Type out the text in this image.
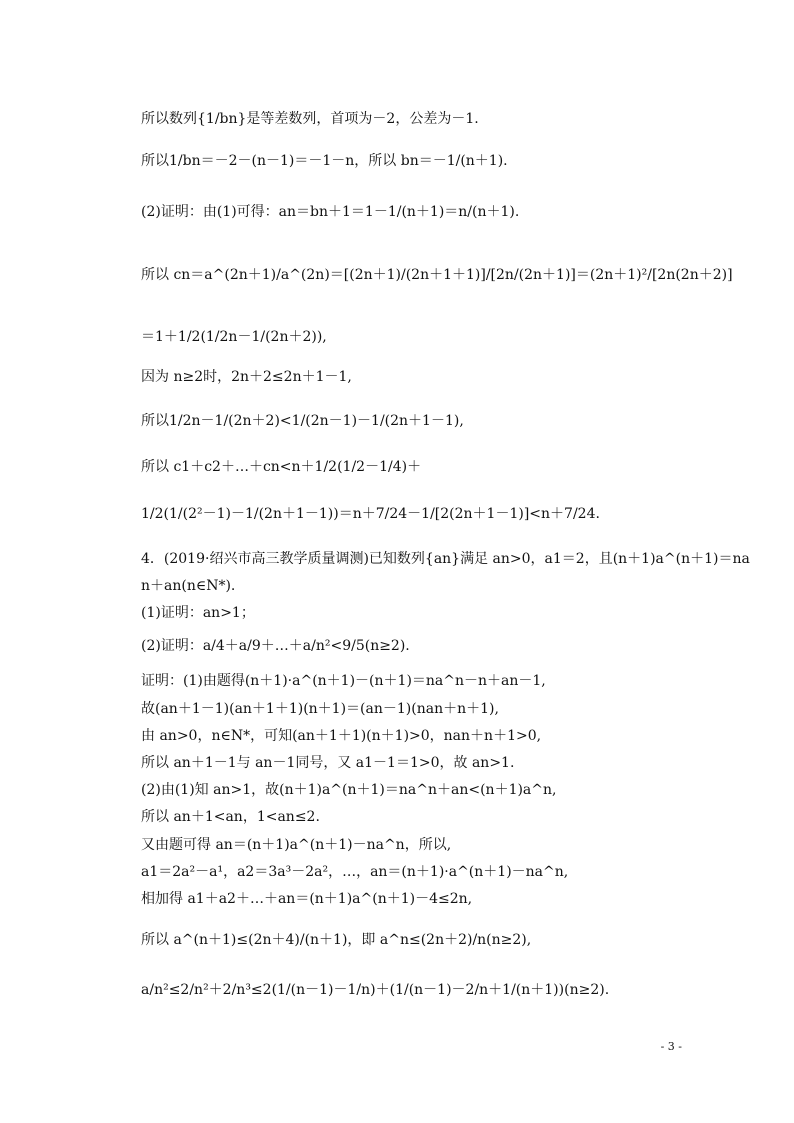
所以数列{1/bn}是等差数列，首项为－2，公差为－1.
所以1/bn＝－2－(n－1)＝－1－n，所以 bn＝－1/(n＋1).
(2)证明：由(1)可得：an＝bn＋1＝1－1/(n＋1)＝n/(n＋1).
所以 cn＝a^(2n＋1)/a^(2n)＝[(2n＋1)/(2n＋1＋1)]/[2n/(2n＋1)]＝(2n＋1)²/[2n(2n＋2)]
＝1＋1/2(1/2n－1/(2n＋2)),
因为 n≥2时，2n＋2≤2n＋1－1,
所以1/2n－1/(2n＋2)<1/(2n－1)－1/(2n＋1－1),
所以 c1＋c2＋…＋cn<n＋1/2(1/2－1/4)＋
1/2(1/(2²－1)－1/(2n＋1－1))＝n＋7/24－1/[2(2n＋1－1)]<n＋7/24.
4．(2019·绍兴市高三教学质量调测)已知数列{an}满足 an>0，a1＝2，且(n＋1)a^(n＋1)＝na
n＋an(n∈N*).
(1)证明：an>1；
(2)证明：a/4＋a/9＋…＋a/n²<9/5(n≥2).
证明：(1)由题得(n＋1)·a^(n＋1)－(n＋1)＝na^n－n＋an－1,
故(an＋1－1)(an＋1＋1)(n＋1)＝(an－1)(nan＋n＋1),
由 an>0，n∈N*，可知(an＋1＋1)(n＋1)>0，nan＋n＋1>0,
所以 an＋1－1与 an－1同号，又 a1－1＝1>0，故 an>1.
(2)由(1)知 an>1，故(n＋1)a^(n＋1)＝na^n＋an<(n＋1)a^n,
所以 an＋1<an，1<an≤2.
又由题可得 an＝(n＋1)a^(n＋1)－na^n，所以,
a1＝2a²－a¹，a2＝3a³－2a²，…，an＝(n＋1)·a^(n＋1)－na^n,
相加得 a1＋a2＋…＋an＝(n＋1)a^(n＋1)－4≤2n,
所以 a^(n＋1)≤(2n＋4)/(n＋1)，即 a^n≤(2n＋2)/n(n≥2),
a/n²≤2/n²＋2/n³≤2(1/(n－1)－1/n)＋(1/(n－1)－2/n＋1/(n＋1))(n≥2).
- 3 -
